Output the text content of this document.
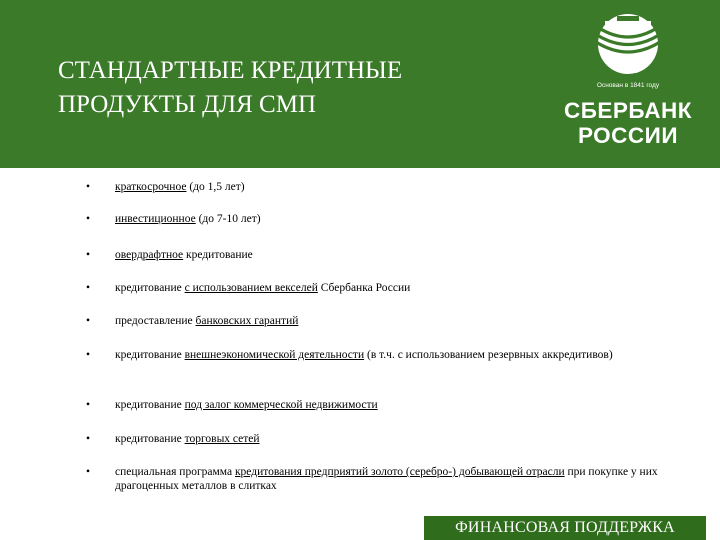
СТАНДАРТНЫЕ КРЕДИТНЫЕ
ПРОДУКТЫ ДЛЯ СМП
Основан в 1841 году
СБЕРБАНК
РОССИИ
• краткосрочное (до 1,5 лет)
• инвестиционное (до 7-10 лет)
• овердрафтное кредитование
• кредитование с использованием векселей Сбербанка России
• предоставление банковских гарантий
• кредитование внешнеэкономической деятельности (в т.ч. с использованием резервных аккредитивов)
• кредитование под залог коммерческой недвижимости
• кредитование торговых сетей
• специальная программа кредитования предприятий золото (серебро-) добывающей отрасли при покупке у них драгоценных металлов в слитках
ФИНАНСОВАЯ ПОДДЕРЖКА
